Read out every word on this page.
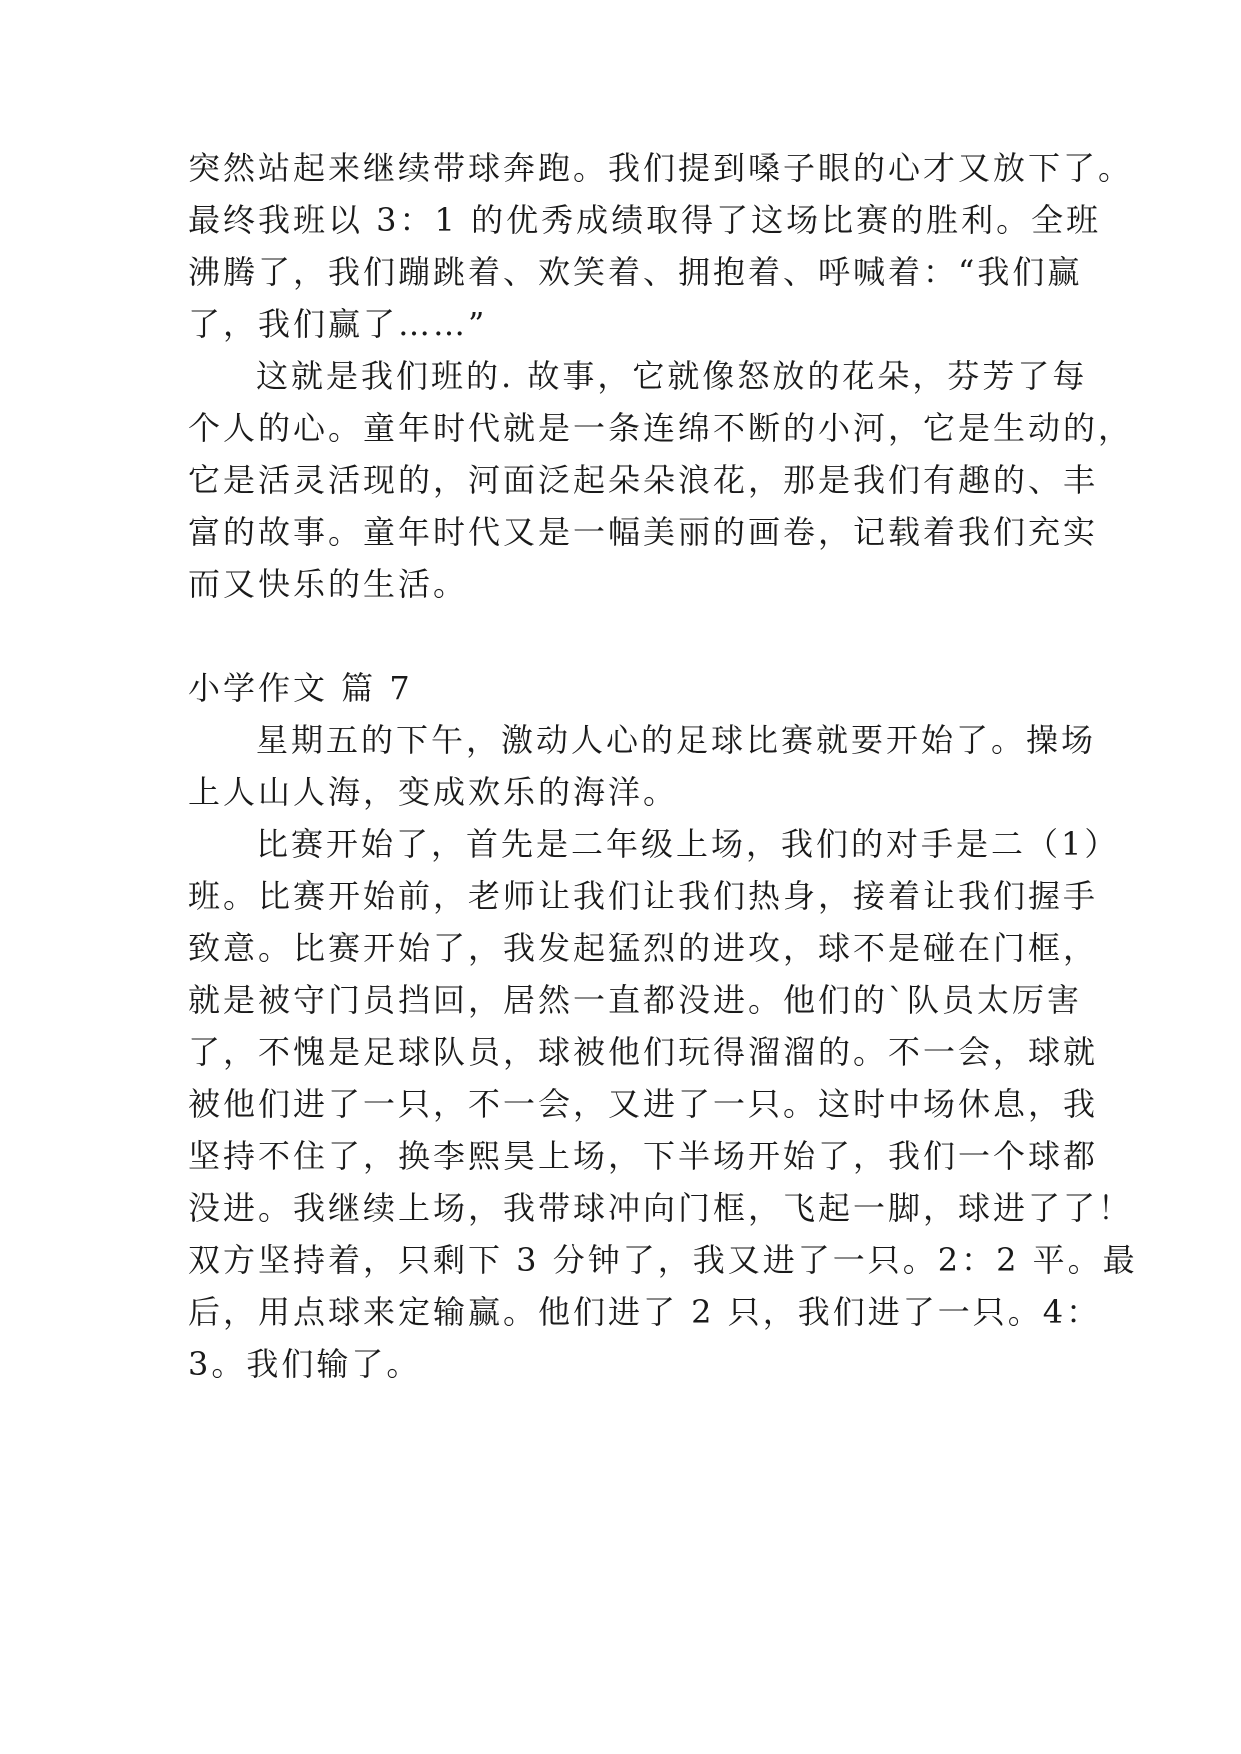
突然站起来继续带球奔跑。我们提到嗓子眼的心才又放下了。
最终我班以 3：1 的优秀成绩取得了这场比赛的胜利。全班
沸腾了，我们蹦跳着、欢笑着、拥抱着、呼喊着：“我们赢
了，我们赢了……”
这就是我们班的. 故事，它就像怒放的花朵，芬芳了每
个人的心。童年时代就是一条连绵不断的小河，它是生动的，
它是活灵活现的，河面泛起朵朵浪花，那是我们有趣的、丰
富的故事。童年时代又是一幅美丽的画卷，记载着我们充实
而又快乐的生活。
小学作文 篇 7
星期五的下午，激动人心的足球比赛就要开始了。操场
上人山人海，变成欢乐的海洋。
比赛开始了，首先是二年级上场，我们的对手是二（1）
班。比赛开始前，老师让我们让我们热身，接着让我们握手
致意。比赛开始了，我发起猛烈的进攻，球不是碰在门框，
就是被守门员挡回，居然一直都没进。他们的`队员太厉害
了，不愧是足球队员，球被他们玩得溜溜的。不一会，球就
被他们进了一只，不一会，又进了一只。这时中场休息，我
坚持不住了，换李熙昊上场，下半场开始了，我们一个球都
没进。我继续上场，我带球冲向门框，飞起一脚，球进了了！
双方坚持着，只剩下 3 分钟了，我又进了一只。2：2 平。最
后，用点球来定输赢。他们进了 2 只，我们进了一只。4：
3。我们输了。
